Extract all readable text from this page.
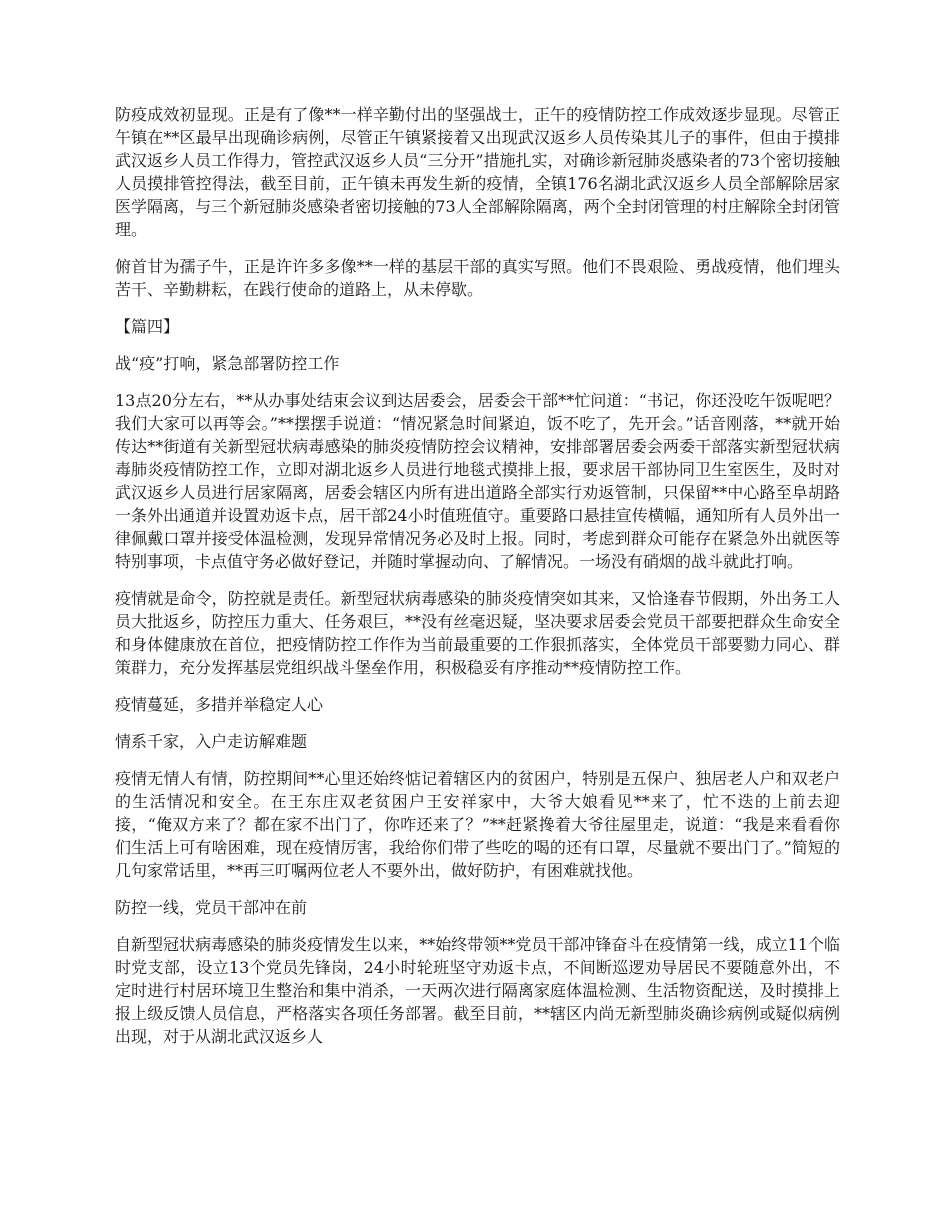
防疫成效初显现。正是有了像**一样辛勤付出的坚强战士，正午的疫情防控工作成效逐步显现。尽管正午镇在**区最早出现确诊病例，尽管正午镇紧接着又出现武汉返乡人员传染其儿子的事件，但由于摸排武汉返乡人员工作得力，管控武汉返乡人员“三分开”措施扎实，对确诊新冠肺炎感染者的73个密切接触人员摸排管控得法，截至目前，正午镇未再发生新的疫情，全镇176名湖北武汉返乡人员全部解除居家医学隔离，与三个新冠肺炎感染者密切接触的73人全部解除隔离，两个全封闭管理的村庄解除全封闭管理。

俯首甘为孺子牛，正是许许多多像**一样的基层干部的真实写照。他们不畏艰险、勇战疫情，他们埋头苦干、辛勤耕耘，在践行使命的道路上，从未停歇。

【篇四】

战“疫”打响，紧急部署防控工作

13点20分左右，**从办事处结束会议到达居委会，居委会干部**忙问道：“书记，你还没吃午饭呢吧？我们大家可以再等会。”**摆摆手说道：“情况紧急时间紧迫，饭不吃了，先开会。”话音刚落，**就开始传达**街道有关新型冠状病毒感染的肺炎疫情防控会议精神，安排部署居委会两委干部落实新型冠状病毒肺炎疫情防控工作，立即对湖北返乡人员进行地毯式摸排上报，要求居干部协同卫生室医生，及时对武汉返乡人员进行居家隔离，居委会辖区内所有进出道路全部实行劝返管制，只保留**中心路至阜胡路一条外出通道并设置劝返卡点，居干部24小时值班值守。重要路口悬挂宣传横幅，通知所有人员外出一律佩戴口罩并接受体温检测，发现异常情况务必及时上报。同时，考虑到群众可能存在紧急外出就医等特别事项，卡点值守务必做好登记，并随时掌握动向、了解情况。一场没有硝烟的战斗就此打响。

疫情就是命令，防控就是责任。新型冠状病毒感染的肺炎疫情突如其来，又恰逢春节假期，外出务工人员大批返乡，防控压力重大、任务艰巨，**没有丝毫迟疑，坚决要求居委会党员干部要把群众生命安全和身体健康放在首位，把疫情防控工作作为当前最重要的工作狠抓落实，全体党员干部要勠力同心、群策群力，充分发挥基层党组织战斗堡垒作用，积极稳妥有序推动**疫情防控工作。

疫情蔓延，多措并举稳定人心

情系千家，入户走访解难题

疫情无情人有情，防控期间**心里还始终惦记着辖区内的贫困户，特别是五保户、独居老人户和双老户的生活情况和安全。在王东庄双老贫困户王安祥家中，大爷大娘看见**来了，忙不迭的上前去迎接，“俺双方来了？都在家不出门了，你咋还来了？”**赶紧搀着大爷往屋里走，说道：“我是来看看你们生活上可有啥困难，现在疫情厉害，我给你们带了些吃的喝的还有口罩，尽量就不要出门了。”简短的几句家常话里，**再三叮嘱两位老人不要外出，做好防护，有困难就找他。

防控一线，党员干部冲在前

自新型冠状病毒感染的肺炎疫情发生以来，**始终带领**党员干部冲锋奋斗在疫情第一线，成立11个临时党支部，设立13个党员先锋岗，24小时轮班坚守劝返卡点，不间断巡逻劝导居民不要随意外出，不定时进行村居环境卫生整治和集中消杀，一天两次进行隔离家庭体温检测、生活物资配送，及时摸排上报上级反馈人员信息，严格落实各项任务部署。截至目前，**辖区内尚无新型肺炎确诊病例或疑似病例出现，对于从湖北武汉返乡人
